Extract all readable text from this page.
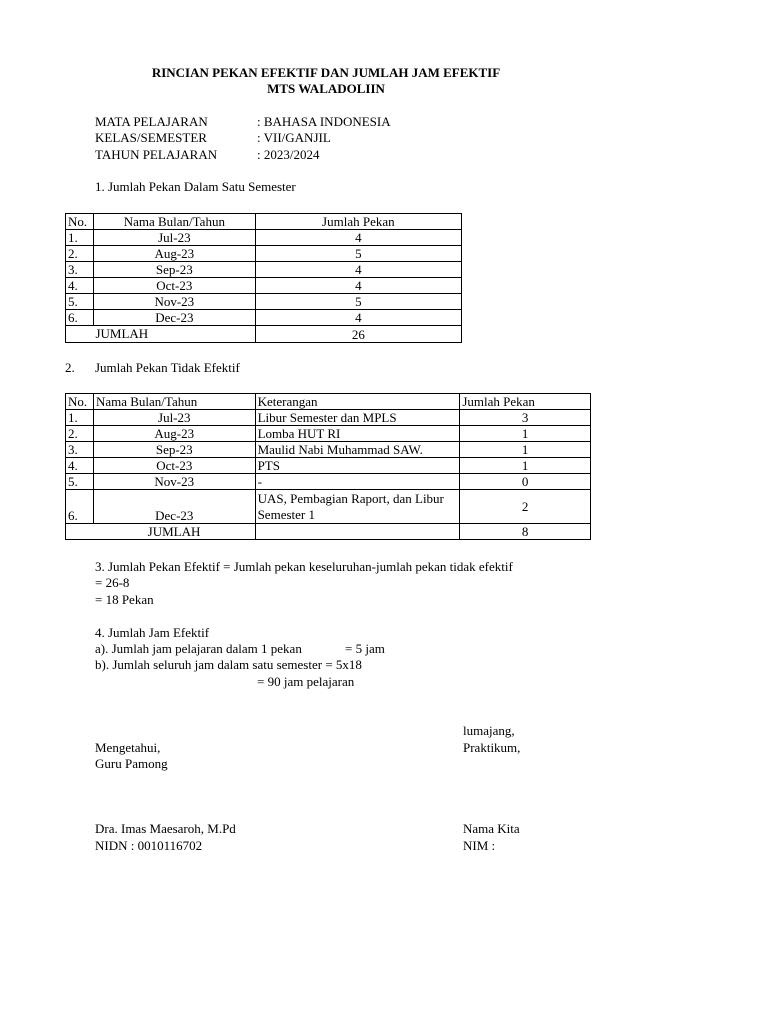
RINCIAN PEKAN EFEKTIF DAN JUMLAH JAM EFEKTIF
MTS WALADOLIIN
MATA PELAJARAN	: BAHASA INDONESIA
KELAS/SEMESTER	: VII/GANJIL
TAHUN PELAJARAN	: 2023/2024
1. Jumlah Pekan Dalam Satu Semester
No.	Nama Bulan/Tahun	Jumlah Pekan
1.	Jul-23	4
2.	Aug-23	5
3.	Sep-23	4
4.	Oct-23	4
5.	Nov-23	5
6.	Dec-23	4
	JUMLAH	26
2. Jumlah Pekan Tidak Efektif
No.	Nama Bulan/Tahun	Keterangan	Jumlah Pekan
1.	Jul-23	Libur Semester dan MPLS	3
2.	Aug-23	Lomba HUT RI	1
3.	Sep-23	Maulid Nabi Muhammad SAW.	1
4.	Oct-23	PTS	1
5.	Nov-23	-	0
6.	Dec-23	UAS, Pembagian Raport, dan Libur Semester 1	2
	JUMLAH		8
3. Jumlah Pekan Efektif = Jumlah pekan keseluruhan-jumlah pekan tidak efektif
= 26-8
= 18 Pekan
4. Jumlah Jam Efektif
a). Jumlah jam pelajaran dalam 1 pekan	= 5 jam
b). Jumlah seluruh jam dalam satu semester = 5x18
= 90 jam pelajaran
lumajang,
Mengetahui,	Praktikum,
Guru Pamong
Dra. Imas Maesaroh, M.Pd	Nama Kita
NIDN : 0010116702	NIM :
